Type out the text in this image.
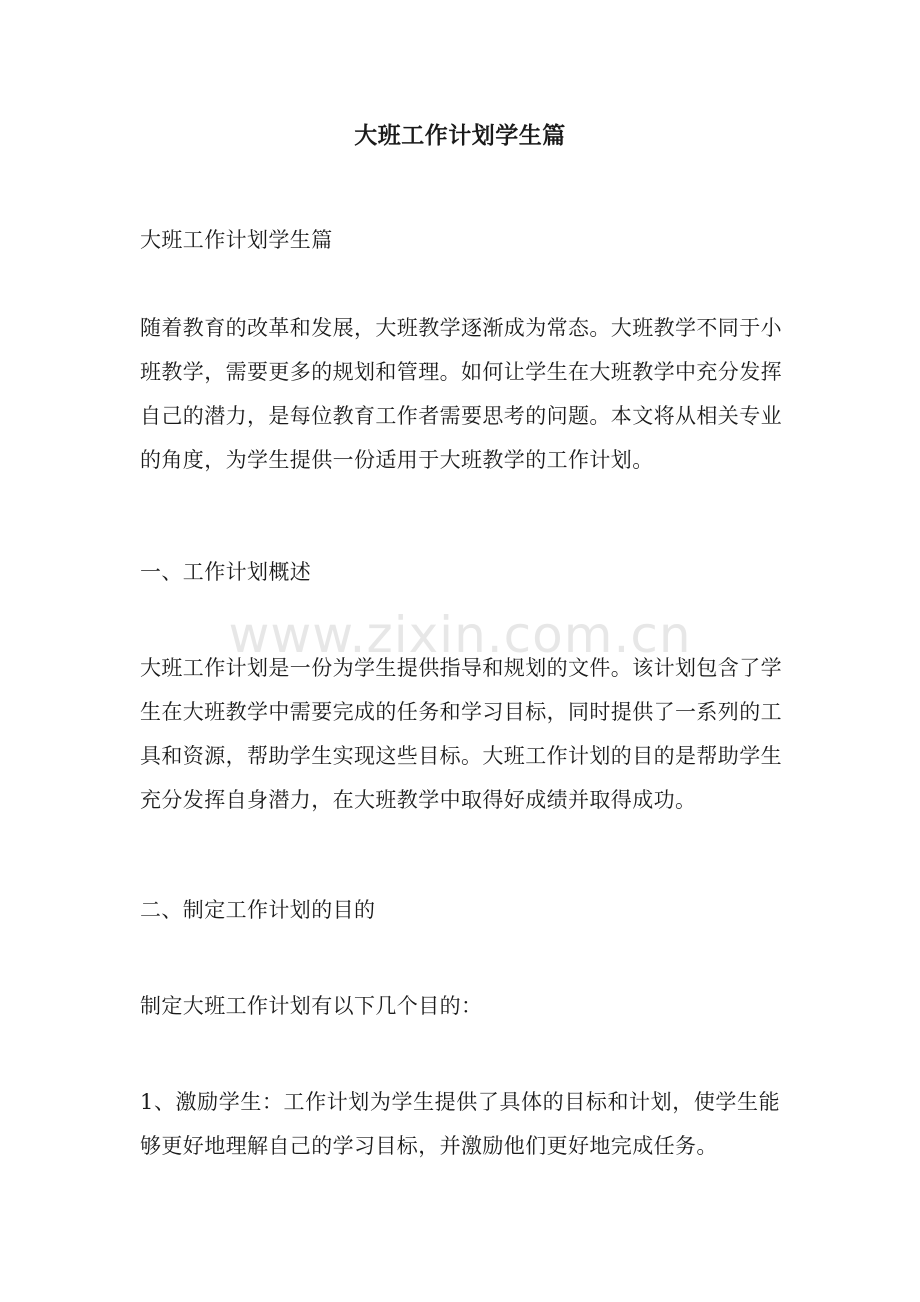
大班工作计划学生篇
大班工作计划学生篇
随着教育的改革和发展，大班教学逐渐成为常态。大班教学不同于小
班教学，需要更多的规划和管理。如何让学生在大班教学中充分发挥
自己的潜力，是每位教育工作者需要思考的问题。本文将从相关专业
的角度，为学生提供一份适用于大班教学的工作计划。
一、工作计划概述
大班工作计划是一份为学生提供指导和规划的文件。该计划包含了学
生在大班教学中需要完成的任务和学习目标，同时提供了一系列的工
具和资源，帮助学生实现这些目标。大班工作计划的目的是帮助学生
充分发挥自身潜力，在大班教学中取得好成绩并取得成功。
二、制定工作计划的目的
制定大班工作计划有以下几个目的：
1、激励学生：工作计划为学生提供了具体的目标和计划，使学生能
够更好地理解自己的学习目标，并激励他们更好地完成任务。
www.zixin.com.cn
